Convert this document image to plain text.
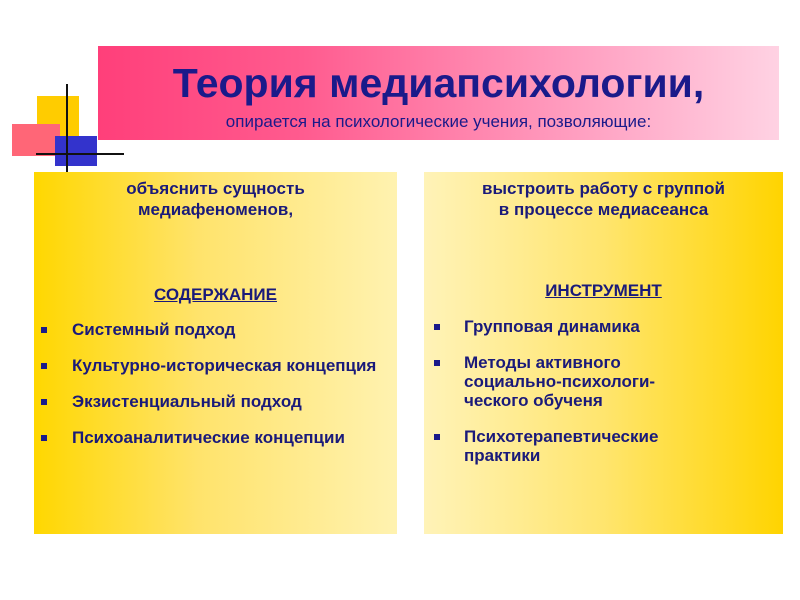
Теория медиапсихологии,
опирается на психологические учения, позволяющие:
объяснить сущность
медиафеноменов,
СОДЕРЖАНИЕ
Системный подход
Культурно-историческая концепция
Экзистенциальный подход
Психоаналитические концепции
выстроить работу с группой
в процессе медиасеанса
ИНСТРУМЕНТ
Групповая динамика
Методы активного
социально-психологи-
ческого обученя
Психотерапевтические
практики
